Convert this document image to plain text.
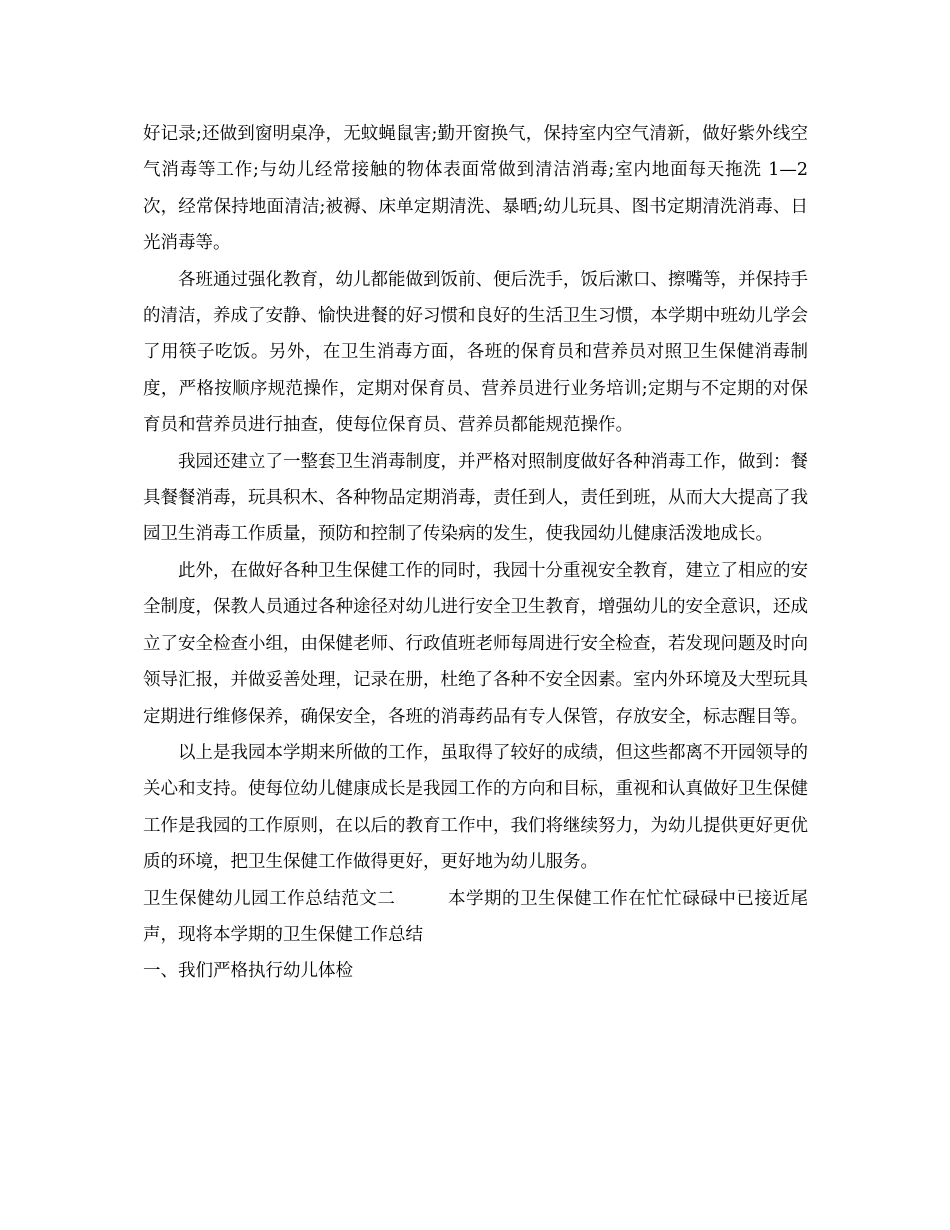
好记录;还做到窗明桌净，无蚊蝇鼠害;勤开窗换气，保持室内空气清新，做好紫外线空气消毒等工作;与幼儿经常接触的物体表面常做到清洁消毒;室内地面每天拖洗 1—2 次，经常保持地面清洁;被褥、床单定期清洗、暴晒;幼儿玩具、图书定期清洗消毒、日光消毒等。

各班通过强化教育，幼儿都能做到饭前、便后洗手，饭后漱口、擦嘴等，并保持手的清洁，养成了安静、愉快进餐的好习惯和良好的生活卫生习惯，本学期中班幼儿学会了用筷子吃饭。另外，在卫生消毒方面，各班的保育员和营养员对照卫生保健消毒制度，严格按顺序规范操作，定期对保育员、营养员进行业务培训;定期与不定期的对保育员和营养员进行抽查，使每位保育员、营养员都能规范操作。

我园还建立了一整套卫生消毒制度，并严格对照制度做好各种消毒工作，做到：餐具餐餐消毒，玩具积木、各种物品定期消毒，责任到人，责任到班，从而大大提高了我园卫生消毒工作质量，预防和控制了传染病的发生，使我园幼儿健康活泼地成长。

此外，在做好各种卫生保健工作的同时，我园十分重视安全教育，建立了相应的安全制度，保教人员通过各种途径对幼儿进行安全卫生教育，增强幼儿的安全意识，还成立了安全检查小组，由保健老师、行政值班老师每周进行安全检查，若发现问题及时向领导汇报，并做妥善处理，记录在册，杜绝了各种不安全因素。室内外环境及大型玩具定期进行维修保养，确保安全，各班的消毒药品有专人保管，存放安全，标志醒目等。

以上是我园本学期来所做的工作，虽取得了较好的成绩，但这些都离不开园领导的关心和支持。使每位幼儿健康成长是我园工作的方向和目标，重视和认真做好卫生保健工作是我园的工作原则，在以后的教育工作中，我们将继续努力，为幼儿提供更好更优质的环境，把卫生保健工作做得更好，更好地为幼儿服务。

卫生保健幼儿园工作总结范文二	本学期的卫生保健工作在忙忙碌碌中已接近尾声，现将本学期的卫生保健工作总结

一、我们严格执行幼儿体检
